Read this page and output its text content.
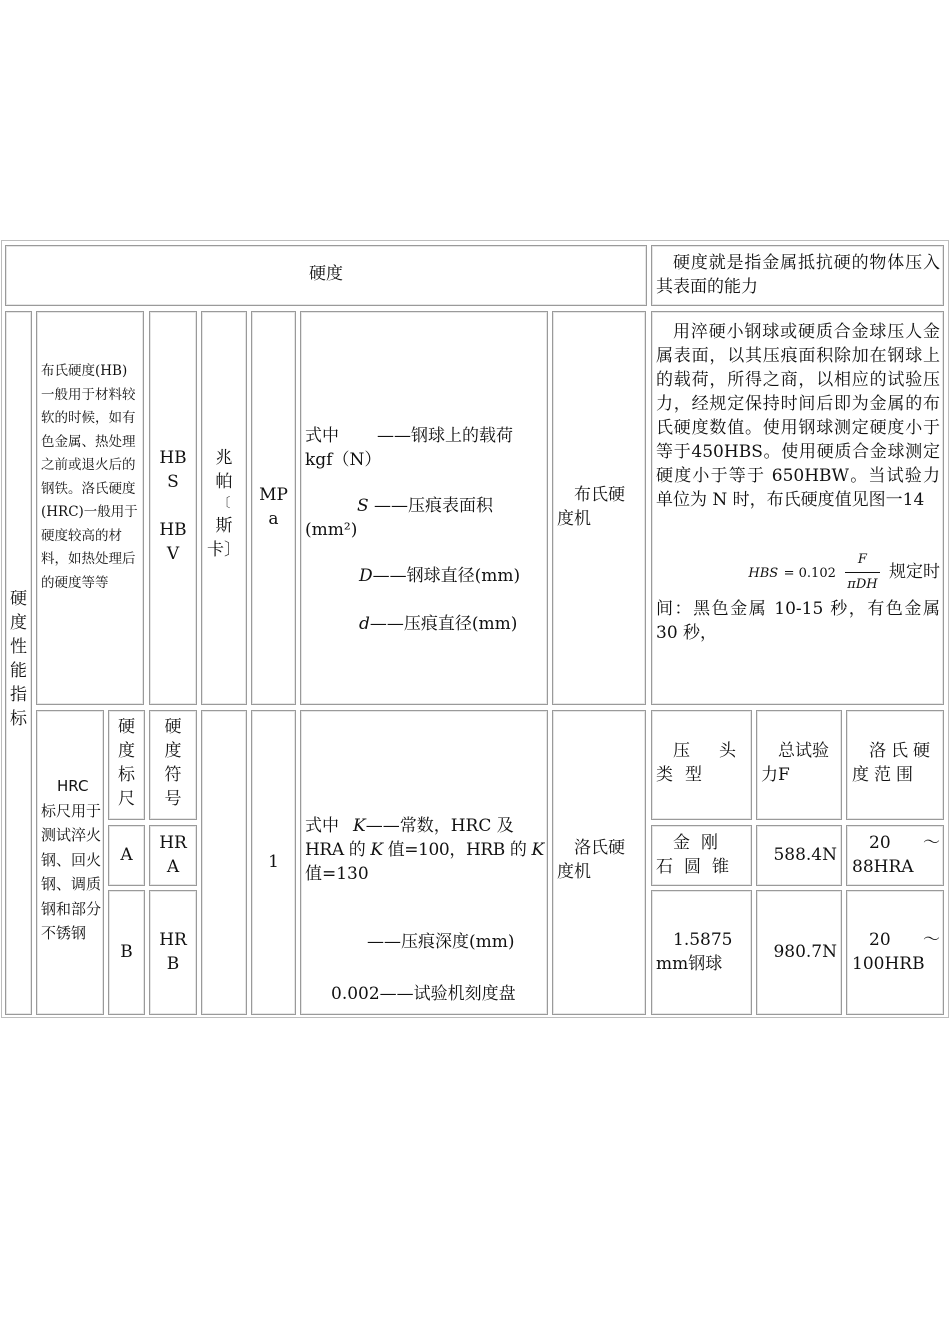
硬度
硬度就是指金属抵抗硬的物体压入其表面的能力
硬
度
性
能
指
标
布氏硬度(HB)一般用于材料较软的时候，如有色金属、热处理之前或退火后的钢铁。洛氏硬度(HRC)一般用于硬度较高的材料，如热处理后的硬度等等
HB
S
HB
V
兆
帕
〔
斯
卡〕
MP
a
式中 ——钢球上的载荷
kgf（N）
S ——压痕表面积
(mm²)
D——钢球直径(mm)
d——压痕直径(mm)
布氏硬度机
用淬硬小钢球或硬质合金球压人金属表面，以其压痕面积除加在钢球上的载荷，所得之商，以相应的试验压力，经规定保持时间后即为金属的布氏硬度数值。使用钢球测定硬度小于等于450HBS。使用硬质合金球测定硬度小于等于 650HBW。当试验力单位为 N 时，布氏硬度值见图一14
HBS = $0.102 \frac{F}{\text{πDH}}$ 规定时
间：黑色金属 10-15 秒，有色金属 30 秒，
HRC
标尺用于测试淬火钢、回火钢、调质钢和部分不锈钢
硬
度
标
尺
硬
度
符
号
A
HR
A
B
HR
B
1
式中 K——常数，HRC 及
HRA 的 K 值=100，HRB 的 K
值=130
——压痕深度(mm)
0.002——试验机刻度盘
洛氏硬度机
压头类型
总试验力F
洛氏硬度范围
金刚石圆锥
588.4N
20 ～
88HRA
1.5875mm钢球
980.7N
20 ～
100HRB
